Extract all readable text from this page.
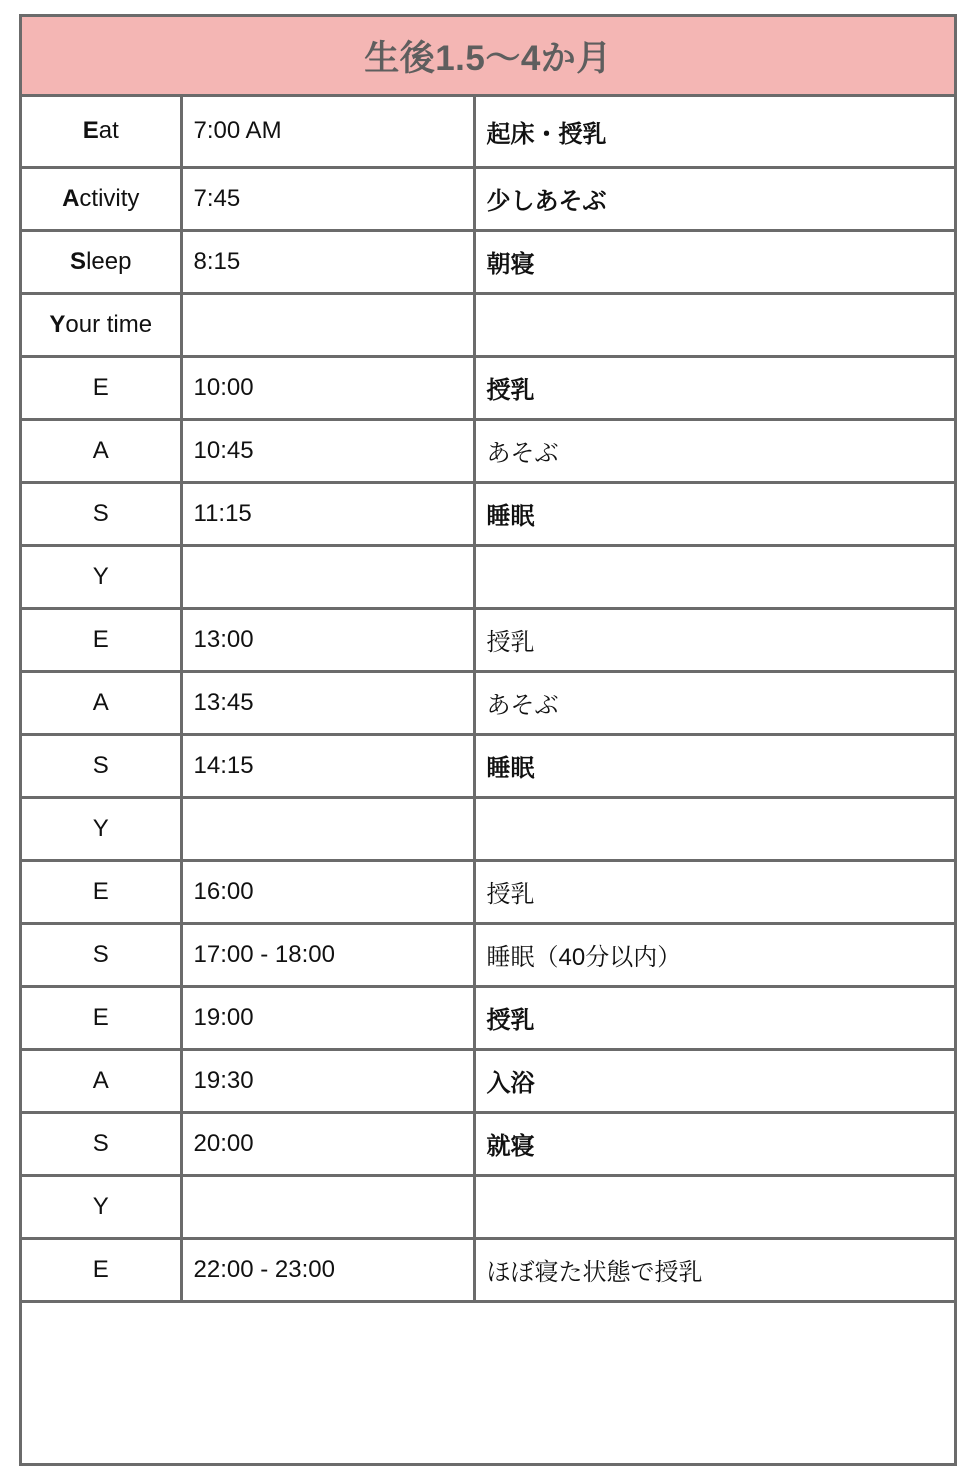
生後1.5〜4か月
Eat	7:00 AM	起床・授乳
Activity	7:45	少しあそぶ
Sleep	8:15	朝寝
Your time		
E	10:00	授乳
A	10:45	あそぶ
S	11:15	睡眠
Y		
E	13:00	授乳
A	13:45	あそぶ
S	14:15	睡眠
Y		
E	16:00	授乳
S	17:00 - 18:00	睡眠（40分以内）
E	19:00	授乳
A	19:30	入浴
S	20:00	就寝
Y		
E	22:00 - 23:00	ほぼ寝た状態で授乳
